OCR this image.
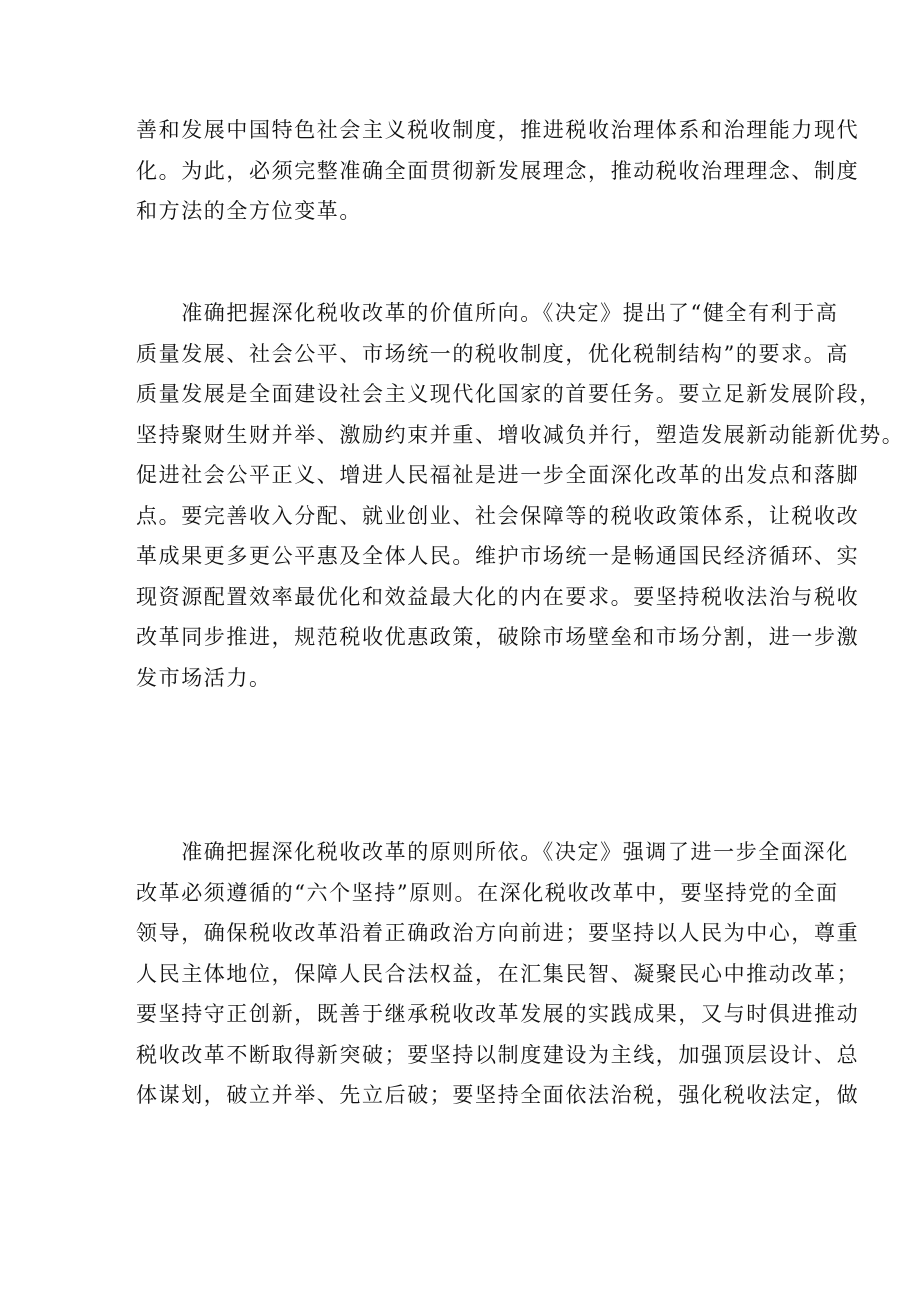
善和发展中国特色社会主义税收制度，推进税收治理体系和治理能力现代
化。为此，必须完整准确全面贯彻新发展理念，推动税收治理理念、制度
和方法的全方位变革。
　　准确把握深化税收改革的价值所向。《决定》提出了“健全有利于高
质量发展、社会公平、市场统一的税收制度，优化税制结构”的要求。高
质量发展是全面建设社会主义现代化国家的首要任务。要立足新发展阶段，
坚持聚财生财并举、激励约束并重、增收减负并行，塑造发展新动能新优势。
促进社会公平正义、增进人民福祉是进一步全面深化改革的出发点和落脚
点。要完善收入分配、就业创业、社会保障等的税收政策体系，让税收改
革成果更多更公平惠及全体人民。维护市场统一是畅通国民经济循环、实
现资源配置效率最优化和效益最大化的内在要求。要坚持税收法治与税收
改革同步推进，规范税收优惠政策，破除市场壁垒和市场分割，进一步激
发市场活力。
　　准确把握深化税收改革的原则所依。《决定》强调了进一步全面深化
改革必须遵循的“六个坚持”原则。在深化税收改革中，要坚持党的全面
领导，确保税收改革沿着正确政治方向前进；要坚持以人民为中心，尊重
人民主体地位，保障人民合法权益，在汇集民智、凝聚民心中推动改革；
要坚持守正创新，既善于继承税收改革发展的实践成果，又与时俱进推动
税收改革不断取得新突破；要坚持以制度建设为主线，加强顶层设计、总
体谋划，破立并举、先立后破；要坚持全面依法治税，强化税收法定，做
